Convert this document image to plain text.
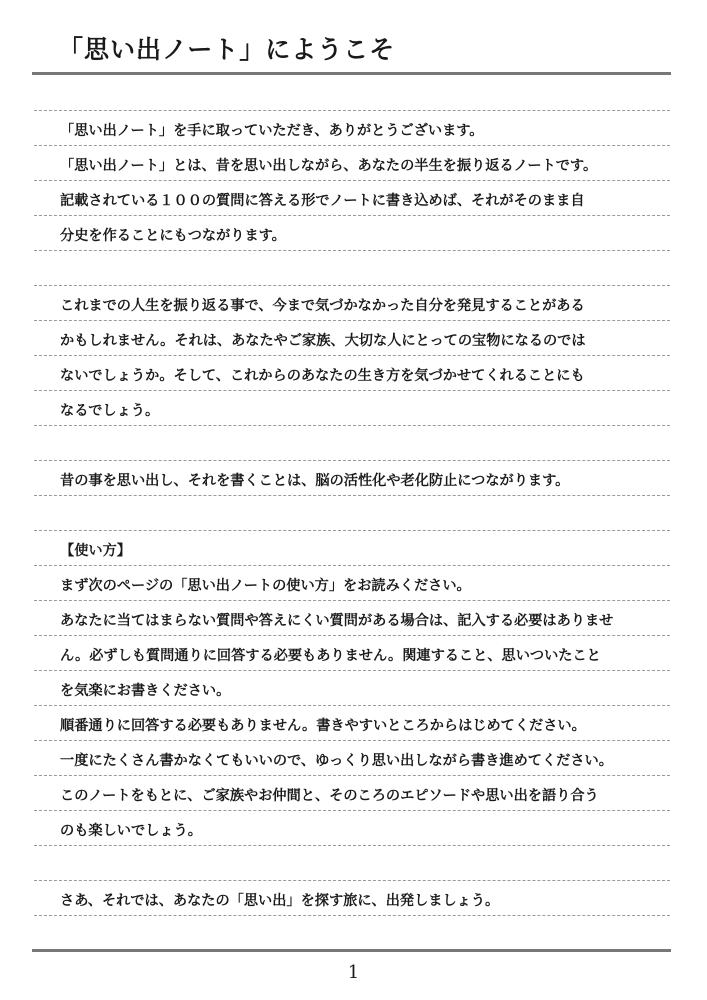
「思い出ノート」にようこそ

「思い出ノート」を手に取っていただき、ありがとうございます。

「思い出ノート」とは、昔を思い出しながら、あなたの半生を振り返るノートです。

記載されている１００の質問に答える形でノートに書き込めば、それがそのまま自

分史を作ることにもつながります。

これまでの人生を振り返る事で、今まで気づかなかった自分を発見することがある

かもしれません。それは、あなたやご家族、大切な人にとっての宝物になるのでは

ないでしょうか。そして、これからのあなたの生き方を気づかせてくれることにも

なるでしょう。

昔の事を思い出し、それを書くことは、脳の活性化や老化防止につながります。

【使い方】

まず次のページの「思い出ノートの使い方」をお読みください。

あなたに当てはまらない質問や答えにくい質問がある場合は、記入する必要はありませ

ん。必ずしも質問通りに回答する必要もありません。関連すること、思いついたこと

を気楽にお書きください。

順番通りに回答する必要もありません。書きやすいところからはじめてください。

一度にたくさん書かなくてもいいので、ゆっくり思い出しながら書き進めてください。

このノートをもとに、ご家族やお仲間と、そのころのエピソードや思い出を語り合う

のも楽しいでしょう。

さあ、それでは、あなたの「思い出」を探す旅に、出発しましょう。

1
